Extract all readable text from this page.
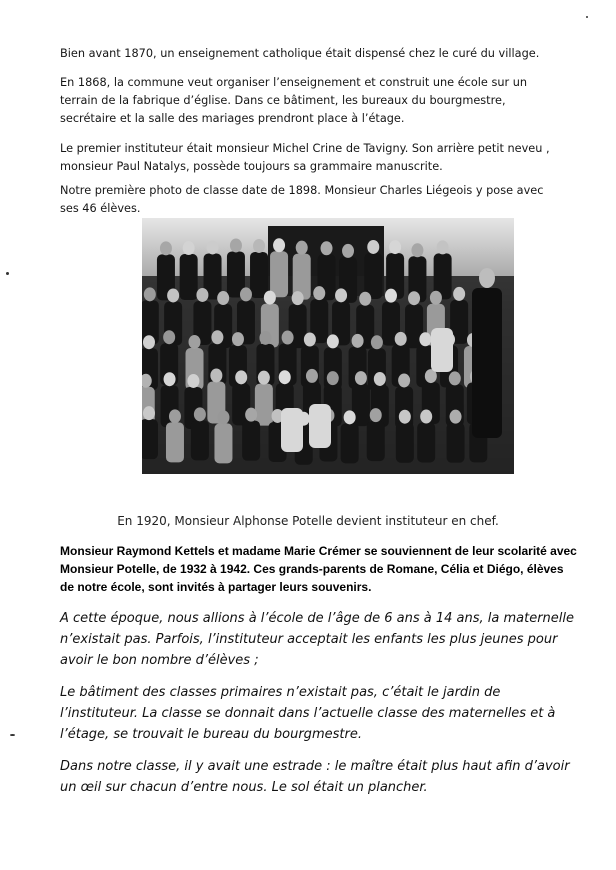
Bien avant 1870, un enseignement catholique était dispensé chez le curé du village.
En 1868, la commune veut organiser l’enseignement et construit une école sur un terrain de la fabrique d’église. Dans ce bâtiment, les bureaux du bourgmestre, secrétaire et la salle des mariages prendront place à l’étage.
Le premier instituteur était monsieur Michel Crine de Tavigny. Son arrière petit neveu , monsieur Paul Natalys, possède toujours sa grammaire manuscrite.
Notre première photo de classe date de 1898. Monsieur Charles Liégeois y pose avec ses 46 élèves.
En 1920, Monsieur Alphonse Potelle devient instituteur en chef.
Monsieur Raymond Kettels et madame Marie Crémer se souviennent de leur scolarité avec Monsieur Potelle, de 1932 à 1942. Ces grands-parents de Romane, Célia et Diégo, élèves de notre école, sont invités à partager leurs souvenirs.
A cette époque, nous allions à l’école de l’âge de 6 ans à 14 ans, la maternelle n’existait pas. Parfois, l’instituteur acceptait les enfants les plus jeunes pour avoir le bon nombre d’élèves ;
Le bâtiment des classes primaires n’existait pas, c’était le jardin de l’instituteur. La classe se donnait dans l’actuelle classe des maternelles et à l’étage, se trouvait le bureau du bourgmestre.
Dans notre classe, il y avait une estrade : le maître était plus haut afin d’avoir un œil sur chacun d’entre nous. Le sol était un plancher.
